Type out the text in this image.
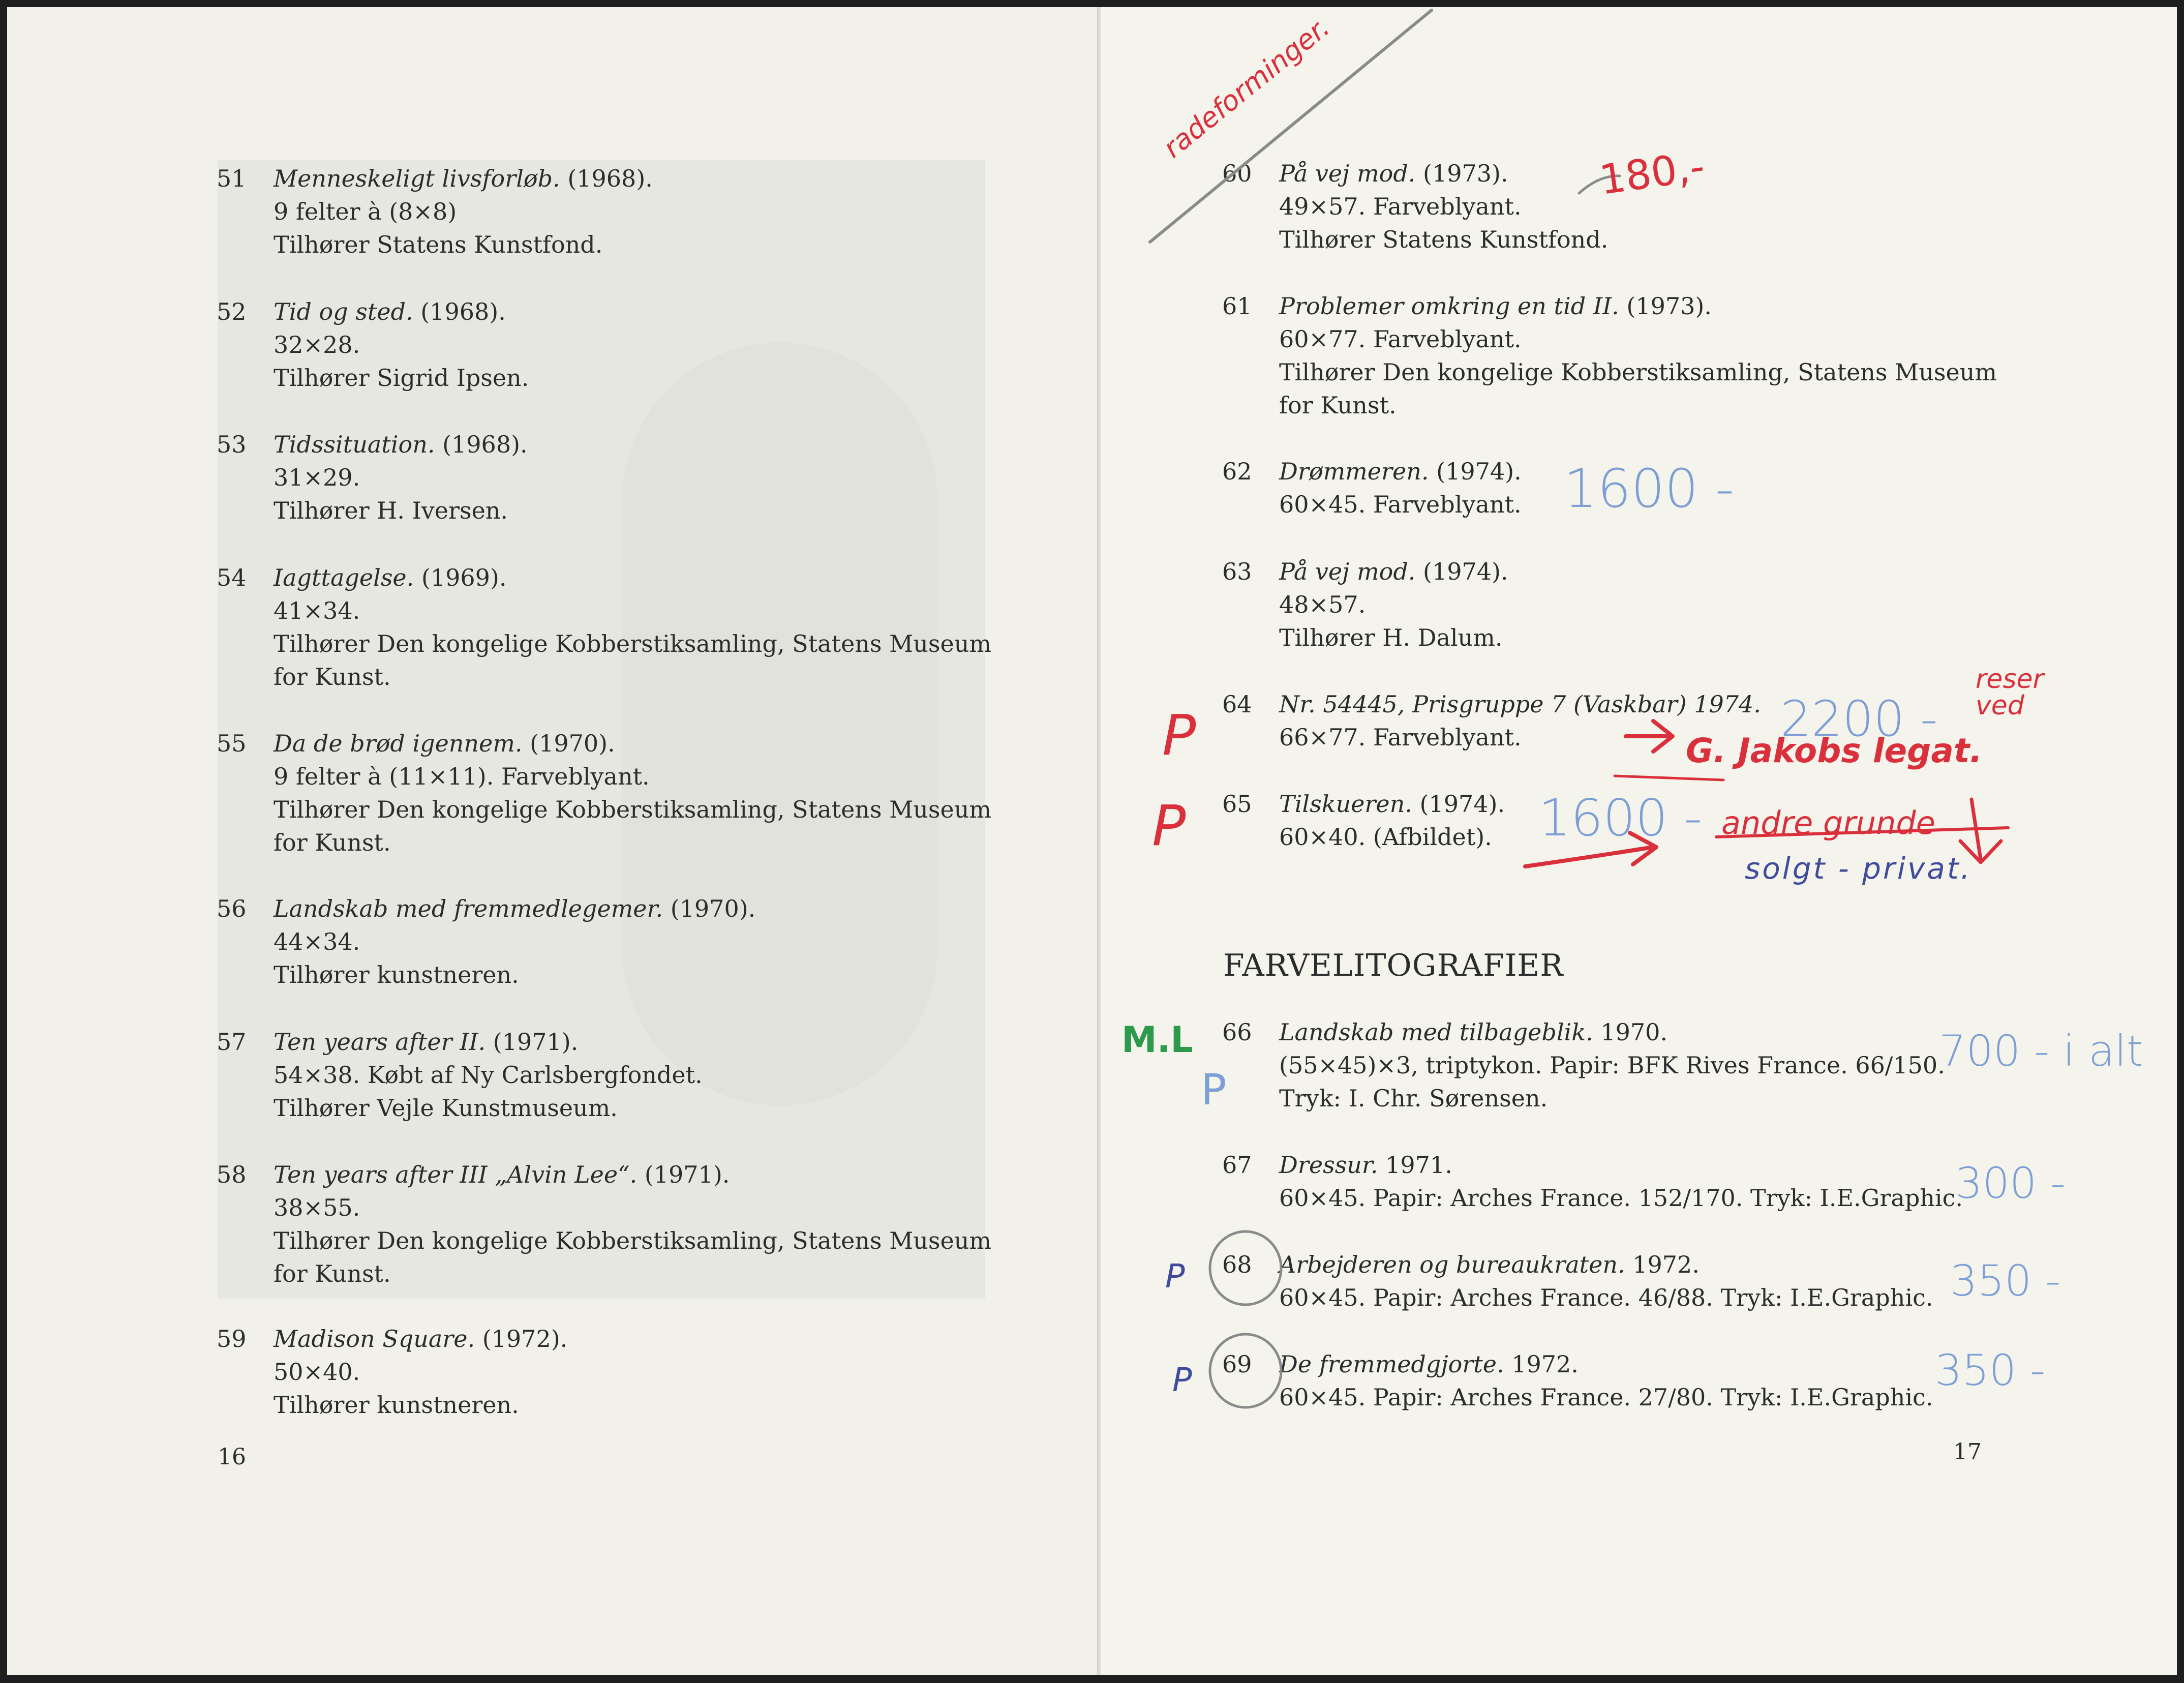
51 Menneskeligt livsforløb. (1968).
9 felter à (8×8)
Tilhører Statens Kunstfond.
52 Tid og sted. (1968).
32×28.
Tilhører Sigrid Ipsen.
53 Tidssituation. (1968).
31×29.
Tilhører H. Iversen.
54 Iagttagelse. (1969).
41×34.
Tilhører Den kongelige Kobberstiksamling, Statens Museum
for Kunst.
55 Da de brød igennem. (1970).
9 felter à (11×11). Farveblyant.
Tilhører Den kongelige Kobberstiksamling, Statens Museum
for Kunst.
56 Landskab med fremmedlegemer. (1970).
44×34.
Tilhører kunstneren.
57 Ten years after II. (1971).
54×38. Købt af Ny Carlsbergfondet.
Tilhører Vejle Kunstmuseum.
58 Ten years after III „Alvin Lee“. (1971).
38×55.
Tilhører Den kongelige Kobberstiksamling, Statens Museum
for Kunst.
59 Madison Square. (1972).
50×40.
Tilhører kunstneren.
16
60 På vej mod. (1973).
49×57. Farveblyant.
Tilhører Statens Kunstfond.
61 Problemer omkring en tid II. (1973).
60×77. Farveblyant.
Tilhører Den kongelige Kobberstiksamling, Statens Museum
for Kunst.
62 Drømmeren. (1974).
60×45. Farveblyant.
63 På vej mod. (1974).
48×57.
Tilhører H. Dalum.
64 Nr. 54445, Prisgruppe 7 (Vaskbar) 1974.
66×77. Farveblyant.
65 Tilskueren. (1974).
60×40. (Afbildet).
FARVELITOGRAFIER
66 Landskab med tilbageblik. 1970.
(55×45)×3, triptykon. Papir: BFK Rives France. 66/150.
Tryk: I. Chr. Sørensen.
67 Dressur. 1971.
60×45. Papir: Arches France. 152/170. Tryk: I.E.Graphic.
68 Arbejderen og bureaukraten. 1972.
60×45. Papir: Arches France. 46/88. Tryk: I.E.Graphic.
69 De fremmedgjorte. 1972.
60×45. Papir: Arches France. 27/80. Tryk: I.E.Graphic.
17
radeforminger.
180,-
1600 -
P	2200 -
reser ved
G. Jakobs legat.
P	1600 - andre grunde
solgt - privat.
M.L
P
700 - i alt
300 -
P	350 -
P	350 -
